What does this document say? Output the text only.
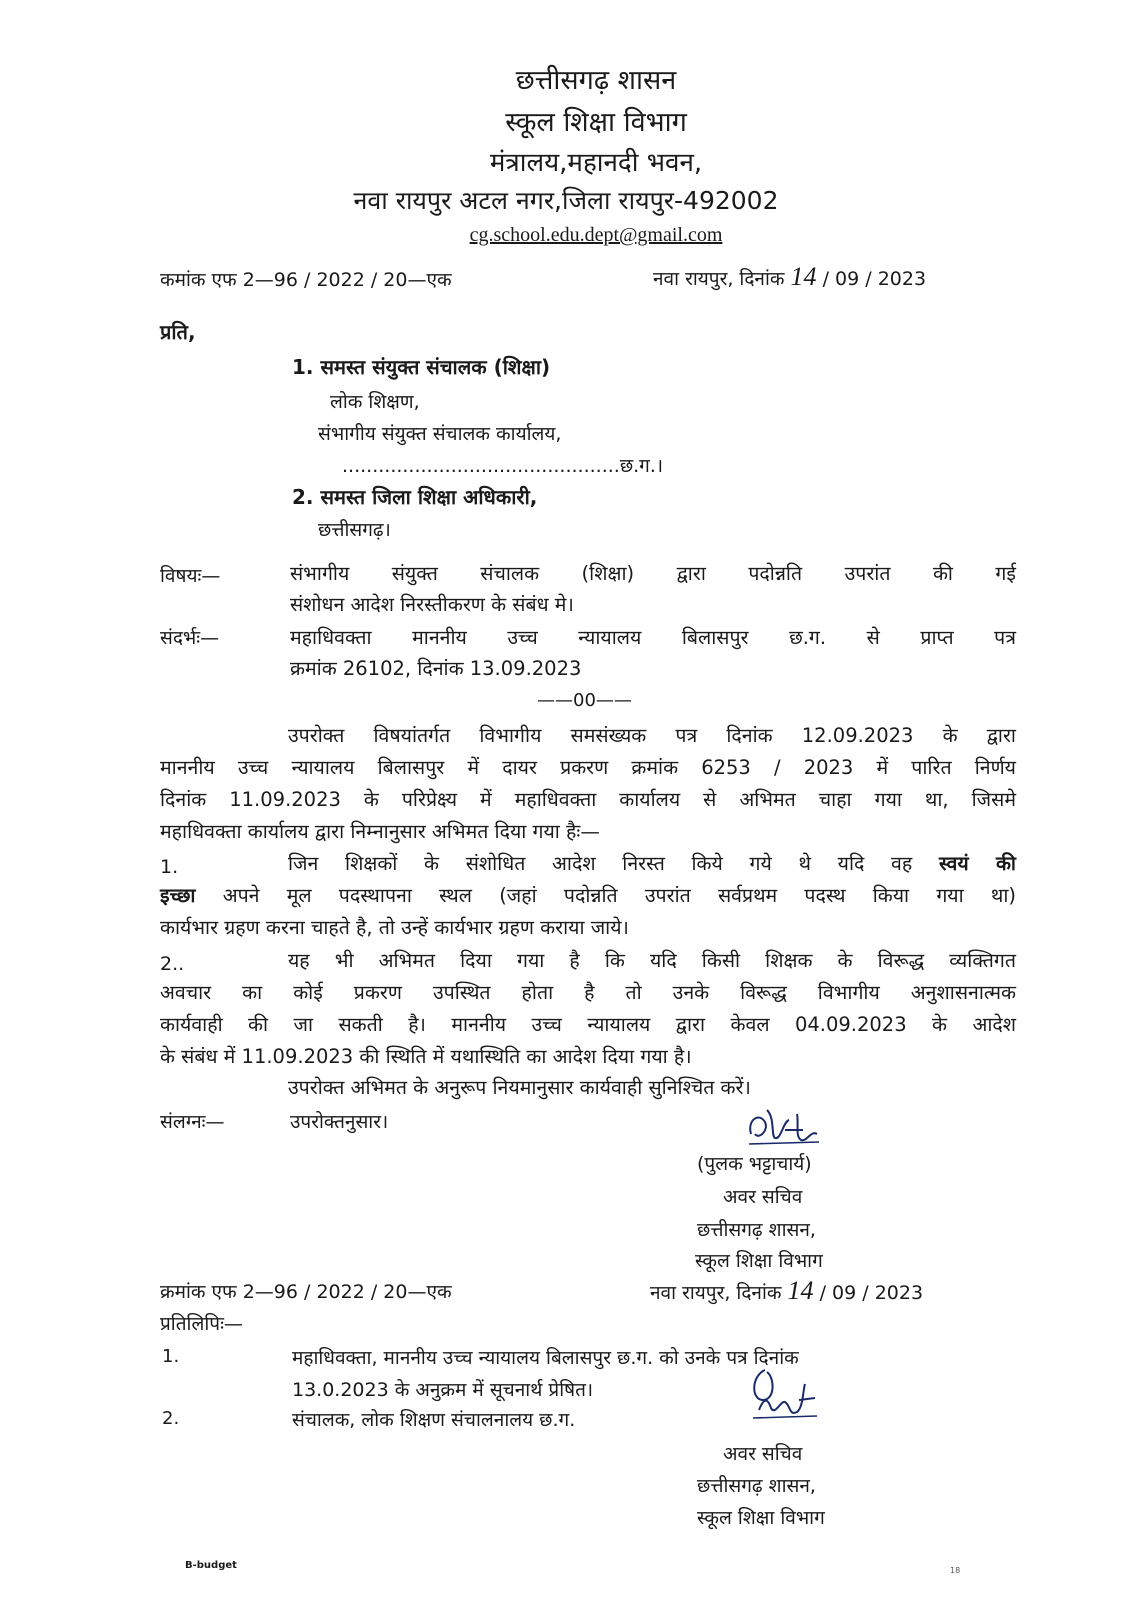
छत्तीसगढ़ शासन
स्कूल शिक्षा विभाग
मंत्रालय,महानदी भवन,
नवा रायपुर अटल नगर,जिला रायपुर-492002
cg.school.edu.dept@gmail.com
कमांक एफ 2—96 / 2022 / 20—एक	नवा रायपुर, दिनांक 14 / 09 / 2023
प्रति,
1. समस्त संयुक्त संचालक (शिक्षा)
लोक शिक्षण,
संभागीय संयुक्त संचालक कार्यालय,
..............................................छ.ग.।
2. समस्त जिला शिक्षा अधिकारी,
छत्तीसगढ़।
विषयः—	संभागीय संयुक्त संचालक (शिक्षा) द्वारा पदोन्नति उपरांत की गई
संशोधन आदेश निरस्तीकरण के संबंध मे।
संदर्भः—	महाधिवक्ता माननीय उच्च न्यायालय बिलासपुर छ.ग. से प्राप्त पत्र
क्रमांक 26102, दिनांक 13.09.2023
——00——
उपरोक्त विषयांतर्गत विभागीय समसंख्यक पत्र दिनांक 12.09.2023 के द्वारा
माननीय उच्च न्यायालय बिलासपुर में दायर प्रकरण क्रमांक 6253 / 2023 में पारित निर्णय
दिनांक 11.09.2023 के परिप्रेक्ष्य में महाधिवक्ता कार्यालय से अभिमत चाहा गया था, जिसमे
महाधिवक्ता कार्यालय द्वारा निम्नानुसार अभिमत दिया गया हैः—
1.	जिन शिक्षकों के संशोधित आदेश निरस्त किये गये थे यदि वह स्वयं की
इच्छा अपने मूल पदस्थापना स्थल (जहां पदोन्नति उपरांत सर्वप्रथम पदस्थ किया गया था)
कार्यभार ग्रहण करना चाहते है, तो उन्हें कार्यभार ग्रहण कराया जाये।
2..	यह भी अभिमत दिया गया है कि यदि किसी शिक्षक के विरूद्ध व्यक्तिगत
अवचार का कोई प्रकरण उपस्थित होता है तो उनके विरूद्ध विभागीय अनुशासनात्मक
कार्यवाही की जा सकती है। माननीय उच्च न्यायालय द्वारा केवल 04.09.2023 के आदेश
के संबंध में 11.09.2023 की स्थिति में यथास्थिति का आदेश दिया गया है।
उपरोक्त अभिमत के अनुरूप नियमानुसार कार्यवाही सुनिश्चित करें।
संलग्नः—	उपरोक्तनुसार।
(पुलक भट्टाचार्य)
अवर सचिव
छत्तीसगढ़ शासन,
स्कूल शिक्षा विभाग
क्रमांक एफ 2—96 / 2022 / 20—एक	नवा रायपुर, दिनांक 14 / 09 / 2023
प्रतिलिपिः—
1.	महाधिवक्ता, माननीय उच्च न्यायालय बिलासपुर छ.ग. को उनके पत्र दिनांक
13.0.2023 के अनुक्रम में सूचनार्थ प्रेषित।
2.	संचालक, लोक शिक्षण संचालनालय छ.ग.
अवर सचिव
छत्तीसगढ़ शासन,
स्कूल शिक्षा विभाग
B-budget	18
